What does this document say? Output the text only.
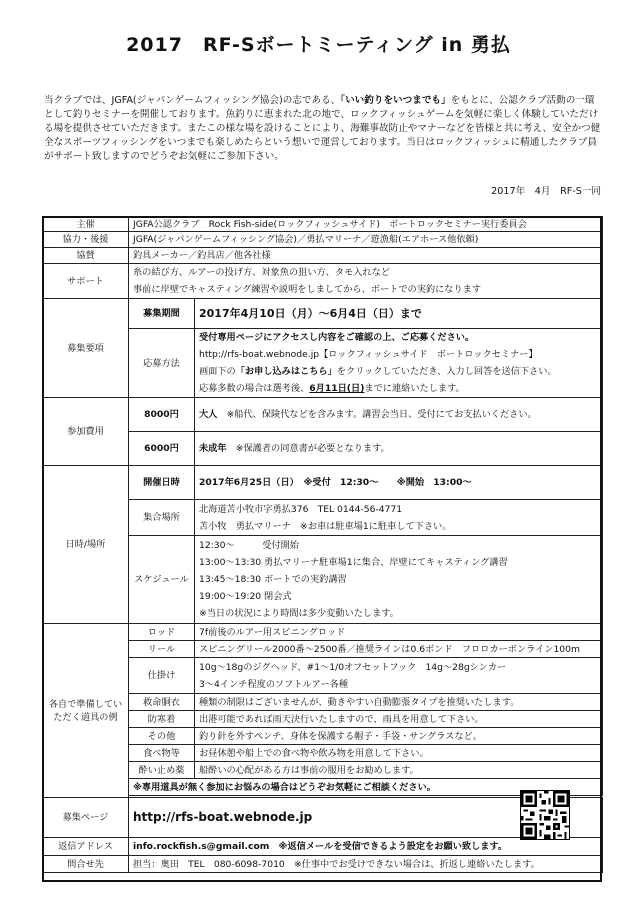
2017　RF-Sボートミーティング in 勇払
当クラブでは、JGFA(ジャパンゲームフィッシング協会)の志である、「いい釣りをいつまでも」をもとに、公認クラブ活動の一環として釣りセミナーを開催しております。魚釣りに恵まれた北の地で、ロックフィッシュゲームを気軽に楽しく体験していただける場を提供させていただきます。またこの様な場を設けることにより、海難事故防止やマナーなどを皆様と共に考え、安全かつ健全なスポーツフィッシングをいつまでも楽しめたらという想いで運営しております。当日はロックフィッシュに精通したクラブ員がサポート致しますのでどうぞお気軽にご参加下さい。
2017年　4月　RF-S一同
主催	JGFA公認クラブ　Rock Fish-side(ロックフィッシュサイド)　ボートロックセミナー実行委員会	
協力・後援	JGFA(ジャパンゲームフィッシング協会)／勇払マリーナ／遊漁船(エアホース他依頼)	
協賛	釣具メーカー／釣具店／他各社様	
サポート	糸の結び方、ルアーの投げ方、対象魚の狙い方、タモ入れなど
事前に岸壁でキャスティング練習や説明をしましてから、ボートでの実釣になります	

募集要項	募集期間	2017年4月10日（月）～6月4日（日）まで
	応募方法	受付専用ページにアクセスし内容をご確認の上、ご応募ください。
http://rfs-boat.webnode.jp【ロックフィッシュサイド　ボートロックセミナー】
画面下の「お申し込みはこちら」をクリックしていただき、入力し回答を送信下さい。
応募多数の場合は選考後、6月11日(日)までに連絡いたします。

参加費用	8000円	大人　 ※船代、保険代などを含みます。講習会当日、受付にてお支払いください。
	6000円	未成年　 ※保護者の同意書が必要となります。
日時/場所	開催日時	2017年6月25日（日）　※受付　12:30～　　※開始　13:00～
	集合場所	北海道苫小牧市字勇払376　TEL 0144-56-4771
苫小牧　勇払マリーナ　※お車は駐車場1に駐車して下さい。

	スケジュール	12:30～　　　受付開始
13:00～13:30 勇払マリーナ駐車場1に集合、岸壁にてキャスティング講習
13:45～18:30 ボートでの実釣講習
19:00～19:20 閉会式
※当日の状況により時間は多少変動いたします。

各自で準備してい
ただく道具の例	ロッド	7f前後のルアー用スピニングロッド
	リール	スピニングリール2000番～2500番／推奨ラインは0.6ボンド　フロロカーボンライン100m
	仕掛け	10g～18gのジグヘッド、#1～1/0オフセットフック　14g～28gシンカー
3～4インチ程度のソフトルアー各種

	救命胴衣	種類の制限はございませんが、動きやすい自動膨張タイプを推奨いたします。
	防寒着	出港可能であれば雨天決行いたしますので、雨具を用意して下さい。
	その他	釣り針を外すペンチ、身体を保護する帽子・手袋・サングラスなど。
	食べ物等	お昼休憩や船上での食べ物や飲み物を用意して下さい。
	酔い止め薬	船酔いの心配がある方は事前の服用をお勧めします。
	※専用道具が無く参加にお悩みの場合はどうぞお気軽にご相談ください。	

募集ページ	http://rfs-boat.webnode.jp	
返信アドレス	info.rockfish.s@gmail.com　 ※返信メールを受信できるよう設定をお願い致します。	
問合せ先	担当：奥田　TEL　080-6098-7010　※仕事中でお受けできない場合は、折返し連絡いたします。	
